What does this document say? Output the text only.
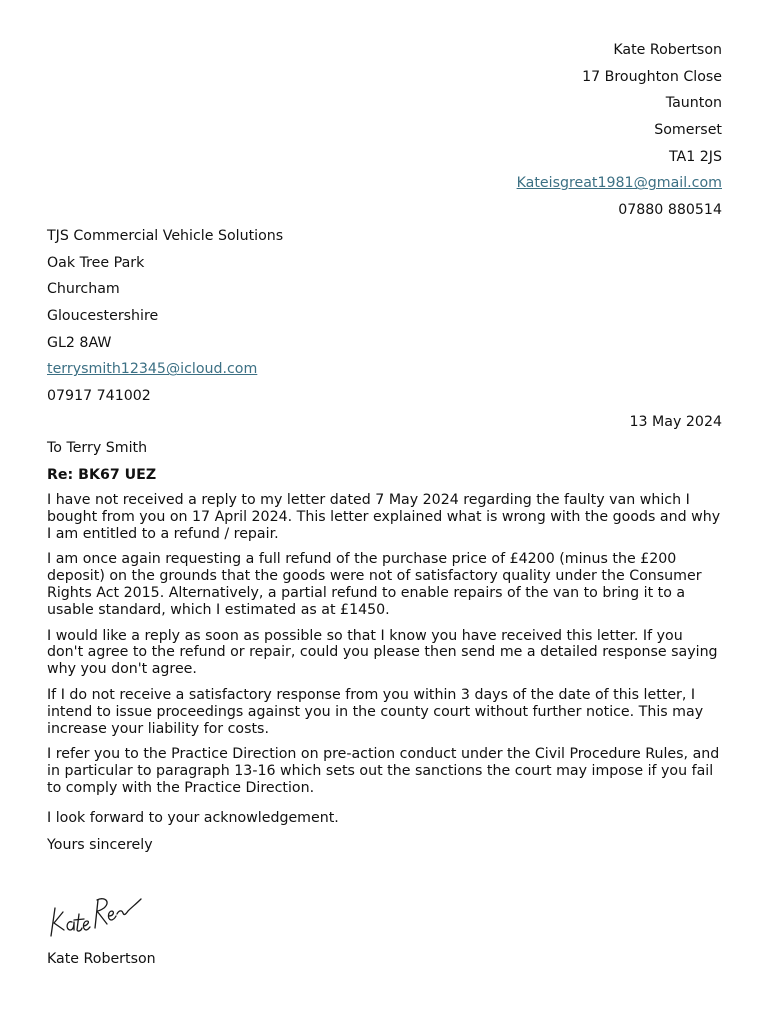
Kate Robertson
17 Broughton Close
Taunton
Somerset
TA1 2JS
Kateisgreat1981@gmail.com
07880 880514
TJS Commercial Vehicle Solutions
Oak Tree Park
Churcham
Gloucestershire
GL2 8AW
terrysmith12345@icloud.com
07917 741002
13 May 2024
To Terry Smith
Re: BK67 UEZ

I have not received a reply to my letter dated 7 May 2024 regarding the faulty van which I bought from you on 17 April 2024. This letter explained what is wrong with the goods and why I am entitled to a refund / repair.

I am once again requesting a full refund of the purchase price of £4200 (minus the £200 deposit) on the grounds that the goods were not of satisfactory quality under the Consumer Rights Act 2015. Alternatively, a partial refund to enable repairs of the van to bring it to a usable standard, which I estimated as at £1450.

I would like a reply as soon as possible so that I know you have received this letter. If you don't agree to the refund or repair, could you please then send me a detailed response saying why you don't agree.

If I do not receive a satisfactory response from you within 3 days of the date of this letter, I intend to issue proceedings against you in the county court without further notice. This may increase your liability for costs.

I refer you to the Practice Direction on pre-action conduct under the Civil Procedure Rules, and in particular to paragraph 13-16 which sets out the sanctions the court may impose if you fail to comply with the Practice Direction.

I look forward to your acknowledgement.
Yours sincerely
Kate Robertson
